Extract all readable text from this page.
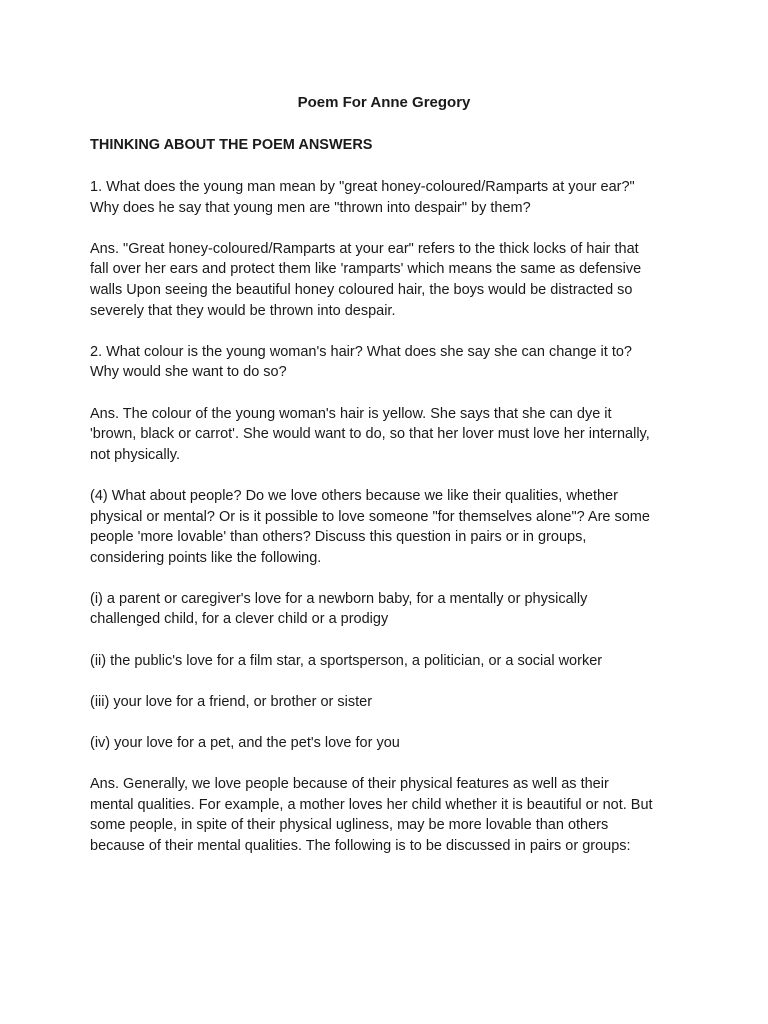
Poem For Anne Gregory
THINKING ABOUT THE POEM ANSWERS

1. What does the young man mean by "great honey-coloured/Ramparts at your ear?"
Why does he say that young men are "thrown into despair" by them?

Ans. "Great honey-coloured/Ramparts at your ear" refers to the thick locks of hair that
fall over her ears and protect them like 'ramparts' which means the same as defensive
walls Upon seeing the beautiful honey coloured hair, the boys would be distracted so
severely that they would be thrown into despair.

2. What colour is the young woman's hair? What does she say she can change it to?
Why would she want to do so?

Ans. The colour of the young woman's hair is yellow. She says that she can dye it
'brown, black or carrot'. She would want to do, so that her lover must love her internally,
not physically.

(4) What about people? Do we love others because we like their qualities, whether
physical or mental? Or is it possible to love someone "for themselves alone"? Are some
people 'more lovable' than others? Discuss this question in pairs or in groups,
considering points like the following.

(i) a parent or caregiver's love for a newborn baby, for a mentally or physically
challenged child, for a clever child or a prodigy

(ii) the public's love for a film star, a sportsperson, a politician, or a social worker

(iii) your love for a friend, or brother or sister

(iv) your love for a pet, and the pet's love for you

Ans. Generally, we love people because of their physical features as well as their
mental qualities. For example, a mother loves her child whether it is beautiful or not. But
some people, in spite of their physical ugliness, may be more lovable than others
because of their mental qualities. The following is to be discussed in pairs or groups:
